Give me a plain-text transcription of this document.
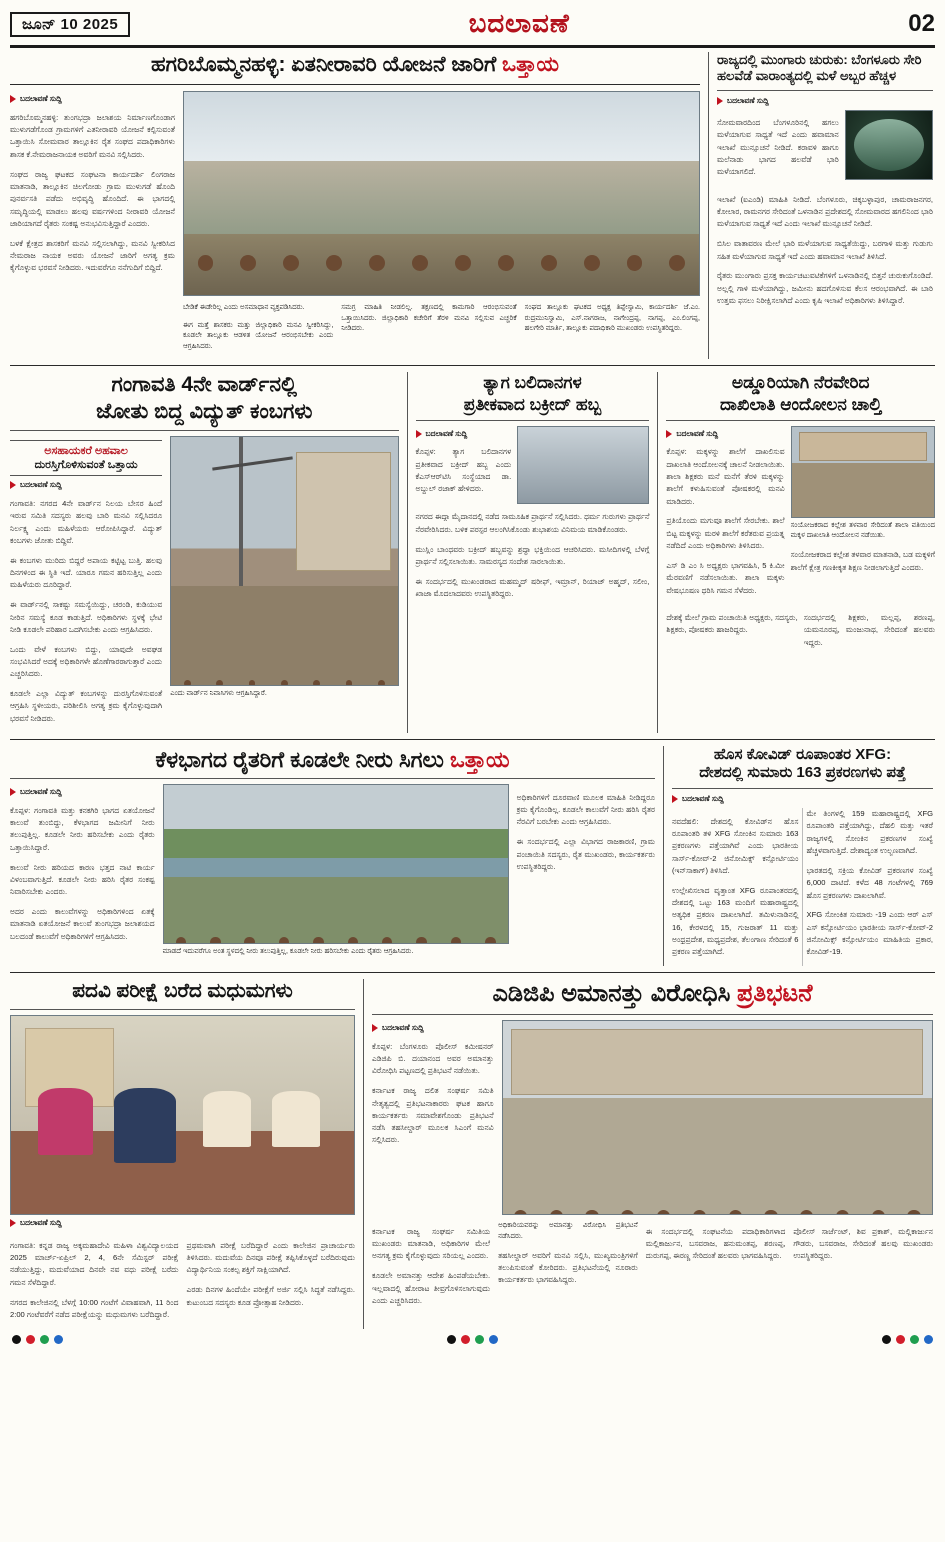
ಜೂನ್ 10 2025	ಬದಲಾವಣೆ	02
ಹಗರಿಬೊಮ್ಮನಹಳ್ಳಿ: ಏತನೀರಾವರಿ ಯೋಜನೆ ಜಾರಿಗೆ ಒತ್ತಾಯ
ಬದಲಾವಣೆ ಸುದ್ದಿ

ಹಗರಿಬೊಮ್ಮನಹಳ್ಳಿ: ತುಂಗಭದ್ರಾ ಜಲಾಶಯ ನಿರ್ಮಾಣಗೊಂಡಾಗ ಮುಳುಗಡೆಗೊಂಡ ಗ್ರಾಮಗಳಿಗೆ ಎತನೀರಾವರಿ ಯೋಜನೆ ಕಲ್ಪಿಸುವಂತೆ ಒತ್ತಾಯಿಸಿ ಸೋಮವಾರ ತಾಲ್ಲೂಕಿನ ರೈತ ಸಂಘದ ಪದಾಧಿಕಾರಿಗಳು ಶಾಸಕ ಕೆ.ನೇಮರಾಜನಾಯಕ ಅವರಿಗೆ ಮನವಿ ಸಲ್ಲಿಸಿದರು.

ಸಂಘದ ರಾಜ್ಯ ಘಟಕದ ಸಂಘಟನಾ ಕಾರ್ಯದರ್ಶಿ ಲಿಂಗರಾಜ ಮಾತನಾಡಿ, ತಾಲ್ಲೂಕಿನ ಚಿಲಗೋಡು ಗ್ರಾಮ ಮುಳುಗಡೆ ಹೊಂದಿ ಪುನರ್ವಸತಿ ಪಡೆದು ಅಭಿವೃದ್ಧಿ ಹೊಂದಿದೆ. ಈ ಭಾಗದಲ್ಲಿ ಸಮೃದ್ಧಿಯಲ್ಲಿ ಮಾಡಲು ಹಲವು ವರ್ಷಗಳಿಂದ ನೀರಾವರಿ ಯೋಜನೆ ಜಾರಿಯಾಗದೆ ರೈತರು ಸಂಕಷ್ಟ ಅನುಭವಿಸುತ್ತಿದ್ದಾರೆ ಎಂದರು.

ಬಳಕೆ ಕ್ಷೇತ್ರದ ಶಾಸಕರಿಗೆ ಮನವಿ ಸಲ್ಲಿಸಲಾಗಿದ್ದು, ಮನವಿ ಸ್ವೀಕರಿಸಿದ ನೇಮರಾಜ ನಾಯಕ ಅವರು ಯೋಜನೆ ಜಾರಿಗೆ ಅಗತ್ಯ ಕ್ರಮ ಕೈಗೊಳ್ಳುವ ಭರವಸೆ ನೀಡಿದರು. ಇದುವರೆಗೂ ನನೆಗುದಿಗೆ ಬಿದ್ದಿದೆ.

ಬೇಡಿಕೆ ಈಡೇರಿಲ್ಲ ಎಂದು ಅಸಮಾಧಾನ ವ್ಯಕ್ತಪಡಿಸಿದರು.

ಈಗ ಮತ್ತೆ ಶಾಸಕರು ಮತ್ತು ಜಿಲ್ಲಾಧಿಕಾರಿ ಮನವಿ ಸ್ವೀಕರಿಸಿದ್ದು, ಕೂಡಲೇ ತಾಲ್ಲೂಕು ಆಡಳಿತ ಯೋಜನೆ ಆರಂಭಿಸಬೇಕು ಎಂದು ಆಗ್ರಹಿಸಿದರು.

ಸಮಗ್ರ ಮಾಹಿತಿ ನೀಡಲಿಲ್ಲ. ತಕ್ಷಣದಲ್ಲಿ ಕಾಮಗಾರಿ ಆರಂಭಿಸುವಂತೆ ಒತ್ತಾಯಿಸಿದರು. ಜಿಲ್ಲಾಧಿಕಾರಿ ಕಚೇರಿಗೆ ತೆರಳಿ ಮನವಿ ಸಲ್ಲಿಸುವ ಎಚ್ಚರಿಕೆ ನೀಡಿದರು.

ಸಂಘದ ತಾಲ್ಲೂಕು ಘಟಕದ ಅಧ್ಯಕ್ಷ ತಿಪ್ಪೇಸ್ವಾಮಿ, ಕಾರ್ಯದರ್ಶಿ ಜೆ.ಎಂ. ರುದ್ರಮುನಿಸ್ವಾಮಿ, ಎಸ್.ನಾಗರಾಜ, ನಾಗೇಂದ್ರಪ್ಪ, ನಾಗಪ್ಪ, ಎಂ.ಲಿಂಗಪ್ಪ, ಹಲಗೇರಿ ಮಾರ್ತಿ, ತಾಲ್ಲೂಕು ಪದಾಧಿಕಾರಿ ಮುಖಂಡರು ಉಪಸ್ಥಿತರಿದ್ದರು.

ರಾಜ್ಯದಲ್ಲಿ ಮುಂಗಾರು ಚುರುಕು: ಬೆಂಗಳೂರು ಸೇರಿ ಹಲವೆಡೆ ವಾರಾಂತ್ಯದಲ್ಲಿ ಮಳೆ ಅಬ್ಬರ ಹೆಚ್ಚಳ
ಬದಲಾವಣೆ ಸುದ್ದಿ

ಸೋಮವಾರದಿಂದ ಬೆಂಗಳೂರಿನಲ್ಲಿ ಹಗಲು ಮಳೆಯಾಗುವ ಸಾಧ್ಯತೆ ಇದೆ ಎಂದು ಹವಾಮಾನ ಇಲಾಖೆ ಮುನ್ಸೂಚನೆ ನೀಡಿದೆ. ಕರಾವಳಿ ಹಾಗೂ ಮಲೆನಾಡು ಭಾಗದ ಹಲವೆಡೆ ಭಾರಿ ಮಳೆಯಾಗಲಿದೆ.

ಇಲಾಖೆ (ಐಎಂಡಿ) ಮಾಹಿತಿ ನೀಡಿದೆ. ಬೆಂಗಳೂರು, ಚಿಕ್ಕಬಳ್ಳಾಪುರ, ಚಾಮರಾಜನಗರ, ಕೋಲಾರ, ರಾಮನಗರ ಸೇರಿದಂತೆ ಒಳನಾಡಿನ ಪ್ರದೇಶದಲ್ಲಿ ಸೋಮವಾರದ ಹಗಲಿನಿಂದ ಭಾರಿ ಮಳೆಯಾಗುವ ಸಾಧ್ಯತೆ ಇದೆ ಎಂದು ಇಲಾಖೆ ಮುನ್ಸೂಚನೆ ನೀಡಿದೆ.

ಬಿಸಿಲ ವಾತಾವರಣ ಮೇಲೆ ಭಾರಿ ಮಳೆಯಾಗುವ ಸಾಧ್ಯತೆಯಿದ್ದು, ಬರಗಾಳಿ ಮತ್ತು ಗುಡುಗು ಸಹಿತ ಮಳೆಯಾಗುವ ಸಾಧ್ಯತೆ ಇದೆ ಎಂದು ಹವಾಮಾನ ಇಲಾಖೆ ತಿಳಿಸಿದೆ.

ರೈತರು ಮುಂಗಾರು ಪ್ರಸಕ್ತ ಕಾರ್ಯಚಟುವಟಿಕೆಗಳಿಗೆ ಒಳನಾಡಿನಲ್ಲಿ ಬಿತ್ತನೆ ಚುರುಕುಗೊಂಡಿದೆ. ಅಲ್ಲಲ್ಲಿ ಗಾಳಿ ಮಳೆಯಾಗಿದ್ದು, ಜಮೀನು ಹದಗೊಳಿಸುವ ಕೆಲಸ ಆರಂಭವಾಗಿದೆ. ಈ ಬಾರಿ ಉತ್ತಮ ಫಸಲು ನಿರೀಕ್ಷಿಸಲಾಗಿದೆ ಎಂದು ಕೃಷಿ ಇಲಾಖೆ ಅಧಿಕಾರಿಗಳು ತಿಳಿಸಿದ್ದಾರೆ.

ಗಂಗಾವತಿ 4ನೇ ವಾರ್ಡ್‌ನಲ್ಲಿ
ಜೋತು ಬಿದ್ದ ವಿದ್ಯುತ್ ಕಂಬಗಳು
ಅಸಹಾಯಕರೆ ಅಹವಾಲ
ದುರಸ್ತಿಗೊಳಿಸುವಂತೆ ಒತ್ತಾಯ
ಬದಲಾವಣೆ ಸುದ್ದಿ

ಗಂಗಾವತಿ: ನಗರದ 4ನೇ ವಾರ್ಡ್‌ನ ನಿಲಯ ಬೇಸರ ಹಿಂದೆ ಇರುವ ಸಮಿತಿ ಸದಸ್ಯರು ಹಲವು ಬಾರಿ ಮನವಿ ಸಲ್ಲಿಸಿದರೂ ನಿರ್ಲಕ್ಷ್ಯ ಎಂದು ಮಹಿಳೆಯರು ಆರೋಪಿಸಿದ್ದಾರೆ. ವಿದ್ಯುತ್ ಕಂಬಗಳು ಜೋತು ಬಿದ್ದಿವೆ.

ಈ ಕಂಬಗಳು ಮುರಿದು ಬಿದ್ದರೆ ಅಪಾಯ ಕಟ್ಟಿಟ್ಟ ಬುತ್ತಿ. ಹಲವು ದಿನಗಳಿಂದ ಈ ಸ್ಥಿತಿ ಇದೆ. ಯಾರೂ ಗಮನ ಹರಿಸುತ್ತಿಲ್ಲ ಎಂದು ಮಹಿಳೆಯರು ದೂರಿದ್ದಾರೆ.

ಈ ವಾರ್ಡ್‌ನಲ್ಲಿ ಸಾಕಷ್ಟು ಸಮಸ್ಯೆಯಿದ್ದು, ಚರಂಡಿ, ಕುಡಿಯುವ ನೀರಿನ ಸಮಸ್ಯೆ ಕೂಡ ಕಾಡುತ್ತಿದೆ. ಅಧಿಕಾರಿಗಳು ಸ್ಥಳಕ್ಕೆ ಭೇಟಿ ನೀಡಿ ಕೂಡಲೇ ಪರಿಹಾರ ಒದಗಿಸಬೇಕು ಎಂದು ಆಗ್ರಹಿಸಿದರು.

ಒಂದು ವೇಳೆ ಕಂಬಗಳು ಬಿದ್ದು, ಯಾವುದೇ ಅವಘಡ ಸಂಭವಿಸಿದರೆ ಅದಕ್ಕೆ ಅಧಿಕಾರಿಗಳೇ ಹೊಣೆಗಾರರಾಗುತ್ತಾರೆ ಎಂದು ಎಚ್ಚರಿಸಿದರು.

ಕೂಡಲೇ ಎಲ್ಲಾ ವಿದ್ಯುತ್ ಕಂಬಗಳನ್ನು ದುರಸ್ತಿಗೊಳಿಸುವಂತೆ ಆಗ್ರಹಿಸಿ ಸ್ಥಳೀಯರು, ಪರಿಶೀಲಿಸಿ ಅಗತ್ಯ ಕ್ರಮ ಕೈಗೊಳ್ಳುವುದಾಗಿ ಭರವಸೆ ನೀಡಿದರು.

ಎಂದು ವಾರ್ಡ್‌ನ ನಿವಾಸಿಗಳು ಆಗ್ರಹಿಸಿದ್ದಾರೆ.

ತ್ಯಾಗ ಬಲಿದಾನಗಳ
ಪ್ರತೀಕವಾದ ಬಕ್ರೀದ್ ಹಬ್ಬ
ಬದಲಾವಣೆ ಸುದ್ದಿ

ಕೊಪ್ಪಳ: ತ್ಯಾಗ ಬಲಿದಾನಗಳ ಪ್ರತೀಕವಾದ ಬಕ್ರೀದ್ ಹಬ್ಬ ಎಂದು ಕೆಎಸ್‌ಆರ್‌ಟಿಸಿ ಸಂಸ್ಥೆಯಾದ ಡಾ. ಅಬ್ದುಲ್ ರಜಾಕ್ ಹೇಳಿದರು.

ನಗರದ ಈದ್ಗಾ ಮೈದಾನದಲ್ಲಿ ನಡೆದ ಸಾಮೂಹಿಕ ಪ್ರಾರ್ಥನೆ ಸಲ್ಲಿಸಿದರು. ಧರ್ಮ ಗುರುಗಳು ಪ್ರಾರ್ಥನೆ ನೆರವೇರಿಸಿದರು. ಬಳಿಕ ಪರಸ್ಪರ ಆಲಂಗಿಸಿಕೊಂಡು ಶುಭಾಶಯ ವಿನಿಮಯ ಮಾಡಿಕೊಂಡರು.

ಮುಸ್ಲಿಂ ಬಾಂಧವರು ಬಕ್ರೀದ್ ಹಬ್ಬವನ್ನು ಶ್ರದ್ಧಾ ಭಕ್ತಿಯಿಂದ ಆಚರಿಸಿದರು. ಮಸೀದಿಗಳಲ್ಲಿ ಬೆಳಗ್ಗೆ ಪ್ರಾರ್ಥನೆ ಸಲ್ಲಿಸಲಾಯಿತು. ಸಾಮರಸ್ಯದ ಸಂದೇಶ ಸಾರಲಾಯಿತು.

ಈ ಸಂದರ್ಭದಲ್ಲಿ ಮುಖಂಡರಾದ ಮಹಮ್ಮದ್ ಷರೀಫ್, ಇಮ್ರಾನ್, ರಿಯಾಜ್ ಅಹ್ಮದ್, ಸಲೀಂ, ಖಾಜಾ ಮೊದಲಾದವರು ಉಪಸ್ಥಿತರಿದ್ದರು.

ಅಡ್ಡೂರಿಯಾಗಿ ನೆರವೇರಿದ
ದಾಖಿಲಾತಿ ಆಂದೋಲನ ಚಾಲ್ತಿ
ಬದಲಾವಣೆ ಸುದ್ದಿ

ಕೊಪ್ಪಳ: ಮಕ್ಕಳನ್ನು ಶಾಲೆಗೆ ದಾಖಲಿಸುವ ದಾಖಲಾತಿ ಆಂದೋಲನಕ್ಕೆ ಚಾಲನೆ ನೀಡಲಾಯಿತು. ಶಾಲಾ ಶಿಕ್ಷಕರು ಮನೆ ಮನೆಗೆ ತೆರಳಿ ಮಕ್ಕಳನ್ನು ಶಾಲೆಗೆ ಕಳುಹಿಸುವಂತೆ ಪೋಷಕರಲ್ಲಿ ಮನವಿ ಮಾಡಿದರು.

ಪ್ರತಿಯೊಂದು ಮಗುವೂ ಶಾಲೆಗೆ ಸೇರಬೇಕು. ಶಾಲೆ ಬಿಟ್ಟ ಮಕ್ಕಳನ್ನು ಮರಳಿ ಶಾಲೆಗೆ ಕರೆತರುವ ಪ್ರಯತ್ನ ನಡೆದಿದೆ ಎಂದು ಅಧಿಕಾರಿಗಳು ತಿಳಿಸಿದರು.

ಎಸ್ ಡಿ ಎಂ ಸಿ ಅಧ್ಯಕ್ಷರು ಭಾಗವಹಿಸಿ, 5 ಕಿ.ಮೀ ಮೆರವಣಿಗೆ ನಡೆಸಲಾಯಿತು. ಶಾಲಾ ಮಕ್ಕಳು ವೇಷಭೂಷಣ ಧರಿಸಿ ಗಮನ ಸೆಳೆದರು.

ಸಂಯೋಜಕರಾದ ಕಲ್ಲೇಶ ತಳವಾರ ಸೇರಿದಂತೆ ಶಾಲಾ ವತಿಯಿಂದ ಮಕ್ಕಳ ದಾಖಲಾತಿ ಆಂದೋಲನ ನಡೆಯಿತು.

ಸಂಯೋಜಕರಾದ ಕಲ್ಲೇಶ ತಳವಾರ ಮಾತನಾಡಿ, ಬಡ ಮಕ್ಕಳಿಗೆ ಶಾಲೆಗೆ ಕ್ಷೇತ್ರ ಗಣಕೀಕೃತ ಶಿಕ್ಷಣ ನೀಡಲಾಗುತ್ತಿದೆ ಎಂದರು.

ದೇಶಕ್ಕೆ ಮೇಲೆ ಗ್ರಾಮ ಪಂಚಾಯಿತಿ ಅಧ್ಯಕ್ಷರು, ಸದಸ್ಯರು, ಶಿಕ್ಷಕರು, ಪೋಷಕರು ಹಾಜರಿದ್ದರು.

ಸಂದರ್ಭದಲ್ಲಿ ಶಿಕ್ಷಕರು, ಮಲ್ಲಪ್ಪ, ಶರಣಪ್ಪ, ಯಮನೂರಪ್ಪ, ಮಂಜುನಾಥ, ಸೇರಿದಂತೆ ಹಲವರು ಇದ್ದರು.

ಕೆಳಭಾಗದ ರೈತರಿಗೆ ಕೂಡಲೇ ನೀರು ಸಿಗಲು ಒತ್ತಾಯ
ಬದಲಾವಣೆ ಸುದ್ದಿ

ಕೊಪ್ಪಳ: ಗಂಗಾವತಿ ಮತ್ತು ಕನಕಗಿರಿ ಭಾಗದ ಏತಯೋಜನೆ ಕಾಲುವೆ ತುಂಬಿದ್ದು, ಕೆಳಭಾಗದ ಜಮೀನಿಗೆ ನೀರು ತಲುಪುತ್ತಿಲ್ಲ. ಕೂಡಲೇ ನೀರು ಹರಿಸಬೇಕು ಎಂದು ರೈತರು ಒತ್ತಾಯಿಸಿದ್ದಾರೆ.

ಕಾಲುವೆ ನೀರು ಹರಿಯದ ಕಾರಣ ಭತ್ತದ ನಾಟಿ ಕಾರ್ಯ ವಿಳಂಬವಾಗುತ್ತಿದೆ. ಕೂಡಲೇ ನೀರು ಹರಿಸಿ ರೈತರ ಸಂಕಷ್ಟ ನಿವಾರಿಸಬೇಕು ಎಂದರು.

ಅದರ ಎಂದು ಕಾಲುವೆಗಳನ್ನು ಅಧಿಕಾರಿಗಳಿಂದ ಏತಕ್ಕೆ ಮಾತನಾಡಿ ಏತಯೋಜನೆ ಕಾಲುವೆ ತುಂಗಭದ್ರಾ ಜಲಾಶಯದ ಬಲದಂಡೆ ಕಾಲುವೆಗೆ ಅಧಿಕಾರಿಗಳಿಗೆ ಆಗ್ರಹಿಸಿದರು.

ಮಾಡದೆ ಇದುವರೆಗೂ ಅಂತ ಸ್ಥಳದಲ್ಲಿ ನೀರು ತಲುಪುತ್ತಿಲ್ಲ, ಕೂಡಲೇ ನೀರು ಹರಿಸಬೇಕು ಎಂದು ರೈತರು ಆಗ್ರಹಿಸಿದರು.

ಅಧಿಕಾರಿಗಳಿಗೆ ದೂರವಾಣಿ ಮೂಲಕ ಮಾಹಿತಿ ನೀಡಿದ್ದರೂ ಕ್ರಮ ಕೈಗೊಂಡಿಲ್ಲ. ಕೂಡಲೇ ಕಾಲುವೆಗೆ ನೀರು ಹರಿಸಿ ರೈತರ ನೆರವಿಗೆ ಬರಬೇಕು ಎಂದು ಆಗ್ರಹಿಸಿದರು.

ಈ ಸಂದರ್ಭದಲ್ಲಿ ಎಲ್ಲಾ ವಿಭಾಗದ ರಾಜಕಾರಣಿ, ಗ್ರಾಮ ಪಂಚಾಯಿತಿ ಸದಸ್ಯರು, ರೈತ ಮುಖಂಡರು, ಕಾರ್ಯಕರ್ತರು ಉಪಸ್ಥಿತರಿದ್ದರು.

ಹೊಸ ಕೋವಿಡ್ ರೂಪಾಂತರ XFG:
ದೇಶದಲ್ಲಿ ಸುಮಾರು 163 ಪ್ರಕರಣಗಳು ಪತ್ತೆ
ಬದಲಾವಣೆ ಸುದ್ದಿ

ನವದೆಹಲಿ: ದೇಶದಲ್ಲಿ ಕೋವಿಡ್‌ನ ಹೊಸ ರೂಪಾಂತರಿ ತಳಿ XFG ಸೋಂಕಿನ ಸುಮಾರು 163 ಪ್ರಕರಣಗಳು ಪತ್ತೆಯಾಗಿವೆ ಎಂದು ಭಾರತೀಯ ಸಾರ್ಸ್-ಕೋವ್-2 ಜಿನೋಮಿಕ್ಸ್ ಕನ್ಸೋರ್ಟಿಯಂ (ಇನ್‌ಸಾಕಾಗ್) ತಿಳಿಸಿದೆ.

ಉಲ್ಲೇಖಿಸಲಾದ ವೃತ್ತಾಂತ XFG ರೂಪಾಂತರದಲ್ಲಿ ದೇಶದಲ್ಲಿ ಒಟ್ಟು 163 ಮಂದಿಗೆ ಮಹಾರಾಷ್ಟ್ರದಲ್ಲಿ ಅತ್ಯಧಿಕ ಪ್ರಕರಣ ದಾಖಲಾಗಿದೆ. ತಮಿಳುನಾಡಿನಲ್ಲಿ 16, ಕೇರಳದಲ್ಲಿ 15, ಗುಜರಾತ್ 11 ಮತ್ತು ಅಂಧ್ರಪ್ರದೇಶ, ಮಧ್ಯಪ್ರದೇಶ, ತೆಲಂಗಾಣ ಸೇರಿದಂತೆ 6 ಪ್ರಕರಣ ಪತ್ತೆಯಾಗಿದೆ.

ಮೇ ತಿಂಗಳಲ್ಲಿ 159 ಮಹಾರಾಷ್ಟ್ರದಲ್ಲಿ XFG ರೂಪಾಂತರಿ ಪತ್ತೆಯಾಗಿದ್ದು, ದೆಹಲಿ ಮತ್ತು ಇತರೆ ರಾಜ್ಯಗಳಲ್ಲಿ ಸೋಂಕಿನ ಪ್ರಕರಣಗಳ ಸಂಖ್ಯೆ ಹೆಚ್ಚಳವಾಗುತ್ತಿದೆ. ದೇಶಾದ್ಯಂತ ಉಲ್ಬಣವಾಗಿದೆ.

ಭಾರತದಲ್ಲಿ ಸಕ್ರಿಯ ಕೋವಿಡ್ ಪ್ರಕರಣಗಳ ಸಂಖ್ಯೆ 6,000 ದಾಟಿದೆ. ಕಳೆದ 48 ಗಂಟೆಗಳಲ್ಲಿ 769 ಹೊಸ ಪ್ರಕರಣಗಳು ದಾಖಲಾಗಿವೆ.

XFG ಸೋಂಕಿತ ಸುಮಾರು -19 ಎಂದು ಆರ್ ಎಸ್ ಎಸ್ ಕನ್ಸೋರ್ಟಿಯಂ ಭಾರತೀಯ ಸಾರ್ಸ್-ಕೋವ್-2 ಜಿನೋಮಿಕ್ಸ್ ಕನ್ಸೋರ್ಟಿಯಂ ಮಾಹಿತಿಯ ಪ್ರಕಾರ, ಕೋವಿಡ್-19.

ಪದವಿ ಪರೀಕ್ಷೆ ಬರೆದ ಮಧುಮಗಳು
ಬದಲಾವಣೆ ಸುದ್ದಿ

ಗಂಗಾವತಿ: ಕನ್ನಡ ರಾಜ್ಯ ಅಕ್ಕಮಹಾದೇವಿ ಮಹಿಳಾ ವಿಶ್ವವಿದ್ಯಾಲಯದ 2025 ಮಾರ್ಚ್-ಏಪ್ರಿಲ್ 2, 4, 6ನೇ ಸೆಮಿಸ್ಟರ್ ಪರೀಕ್ಷೆ ನಡೆಯುತ್ತಿದ್ದು, ಮದುವೆಯಾದ ದಿನವೇ ನವ ವಧು ಪರೀಕ್ಷೆ ಬರೆದು ಗಮನ ಸೆಳೆದಿದ್ದಾರೆ.

ನಗರದ ಕಾಲೇಜಿನಲ್ಲಿ ಬೆಳಗ್ಗೆ 10:00 ಗಂಟೆಗೆ ವಿವಾಹವಾಗಿ, 11 ರಿಂದ 2:00 ಗಂಟೆವರೆಗೆ ನಡೆದ ಪರೀಕ್ಷೆಯನ್ನು ಮಧುಮಗಳು ಬರೆದಿದ್ದಾರೆ.

ಪ್ರಥಮವಾಗಿ ಪರೀಕ್ಷೆ ಬರೆದಿದ್ದಾರೆ ಎಂದು ಕಾಲೇಜಿನ ಪ್ರಾಚಾರ್ಯರು ತಿಳಿಸಿದರು. ಮದುವೆಯ ದಿನವೂ ಪರೀಕ್ಷೆ ತಪ್ಪಿಸಿಕೊಳ್ಳದೆ ಬರೆದಿರುವುದು ವಿದ್ಯಾರ್ಥಿನಿಯ ಸಂಕಲ್ಪ ಶಕ್ತಿಗೆ ಸಾಕ್ಷಿಯಾಗಿದೆ.

ಎರಡು ದಿನಗಳ ಹಿಂದೆಯೇ ಪರೀಕ್ಷೆಗೆ ಅರ್ಜಿ ಸಲ್ಲಿಸಿ ಸಿದ್ಧತೆ ನಡೆಸಿದ್ದರು. ಕುಟುಂಬದ ಸದಸ್ಯರು ಕೂಡ ಪ್ರೋತ್ಸಾಹ ನೀಡಿದರು.

ಎಡಿಜಿಪಿ ಅಮಾನತ್ತು ವಿರೋಧಿಸಿ ಪ್ರತಿಭಟನೆ
ಬದಲಾವಣೆ ಸುದ್ದಿ

ಕೊಪ್ಪಳ: ಬೆಂಗಳೂರು ಪೊಲೀಸ್ ಕಮೀಷನರ್ ಎಡಿಜಿಪಿ ಬಿ. ದಯಾನಂದ ಅವರ ಅಮಾನತ್ತು ವಿರೋಧಿಸಿ ಪಟ್ಟಣದಲ್ಲಿ ಪ್ರತಿಭಟನೆ ನಡೆಯಿತು.

ಕರ್ನಾಟಕ ರಾಜ್ಯ ದಲಿತ ಸಂಘರ್ಷ ಸಮಿತಿ ನೇತೃತ್ವದಲ್ಲಿ ಪ್ರತಿಭಟನಾಕಾರರು ಘಟಕ ಹಾಗೂ ಕಾರ್ಯಕರ್ತರು ಸಮಾವೇಶಗೊಂಡು ಪ್ರತಿಭಟನೆ ನಡೆಸಿ ತಹಸೀಲ್ದಾರ್ ಮೂಲಕ ಸಿಎಂಗೆ ಮನವಿ ಸಲ್ಲಿಸಿದರು.

ಕರ್ನಾಟಕ ರಾಜ್ಯ ಸಂಘರ್ಷ ಸಮಿತಿಯ ಮುಖಂಡರು ಮಾತನಾಡಿ, ಅಧಿಕಾರಿಗಳ ಮೇಲೆ ಅನಗತ್ಯ ಕ್ರಮ ಕೈಗೊಳ್ಳುವುದು ಸರಿಯಲ್ಲ ಎಂದರು.

ಕೂಡಲೇ ಅಮಾನತ್ತು ಆದೇಶ ಹಿಂಪಡೆಯಬೇಕು. ಇಲ್ಲವಾದಲ್ಲಿ ಹೋರಾಟ ತೀವ್ರಗೊಳಿಸಲಾಗುವುದು ಎಂದು ಎಚ್ಚರಿಸಿದರು.

ಅಧಿಕಾರಿಯವರನ್ನು ಅಮಾನತ್ತು ವಿರೋಧಿಸಿ ಪ್ರತಿಭಟನೆ ನಡೆಸಿದರು.

ತಹಸೀಲ್ದಾರ್ ಅವರಿಗೆ ಮನವಿ ಸಲ್ಲಿಸಿ, ಮುಖ್ಯಮಂತ್ರಿಗಳಿಗೆ ತಲುಪಿಸುವಂತೆ ಕೋರಿದರು. ಪ್ರತಿಭಟನೆಯಲ್ಲಿ ನೂರಾರು ಕಾರ್ಯಕರ್ತರು ಭಾಗವಹಿಸಿದ್ದರು.

ಈ ಸಂದರ್ಭದಲ್ಲಿ ಸಂಘಟನೆಯ ಪದಾಧಿಕಾರಿಗಳಾದ ಮಲ್ಲಿಕಾರ್ಜುನ, ಬಸವರಾಜ, ಹನುಮಂತಪ್ಪ, ಶರಣಪ್ಪ, ದುರುಗಪ್ಪ, ಈರಣ್ಣ ಸೇರಿದಂತೆ ಹಲವರು ಭಾಗವಹಿಸಿದ್ದರು.

ಪೊಲೀಸ್ ಸಾರ್ಜೆಂಟ್, ಶಿವ ಪ್ರಕಾಶ್, ಮಲ್ಲಿಕಾರ್ಜುನ ಗೌಡರು, ಬಸವರಾಜ, ಸೇರಿದಂತೆ ಹಲವು ಮುಖಂಡರು ಉಪಸ್ಥಿತರಿದ್ದರು.
